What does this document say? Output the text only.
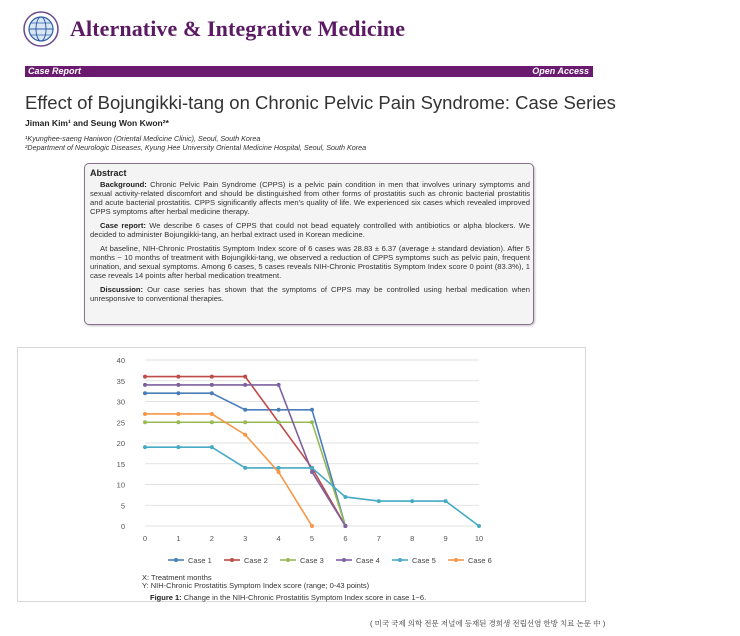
Alternative & Integrative Medicine
Case Report	Open Access
Effect of Bojungikki-tang on Chronic Pelvic Pain Syndrome: Case Series
Jiman Kim¹ and Seung Won Kwon²*
¹Kyunghee-saeng Haniwon (Oriental Medicine Clinic), Seoul, South Korea
²Department of Neurologic Diseases, Kyung Hee University Oriental Medicine Hospital, Seoul, South Korea
Abstract

Background: Chronic Pelvic Pain Syndrome (CPPS) is a pelvic pain condition in men that involves urinary symptoms and sexual activity-related discomfort and should be distinguished from other forms of prostatitis such as chronic bacterial prostatitis and acute bacterial prostatitis. CPPS significantly affects men's quality of life. We experienced six cases which revealed improved CPPS symptoms after herbal medicine therapy.

Case report: We describe 6 cases of CPPS that could not bead equately controlled with antibiotics or alpha blockers. We decided to administer Bojungikki-tang, an herbal extract used in Korean medicine.

At baseline, NIH-Chronic Prostatitis Symptom Index score of 6 cases was 28.83 ± 6.37 (average ± standard deviation). After 5 months ~ 10 months of treatment with Bojungikki-tang, we observed a reduction of CPPS symptoms such as pelvic pain, frequent urination, and sexual symptoms. Among 6 cases, 5 cases reveals NIH-Chronic Prostatitis Symptom Index score 0 point (83.3%), 1 case reveals 14 points after herbal medication treatment.

Discussion: Our case series has shown that the symptoms of CPPS may be controlled using herbal medication when unresponsive to conventional therapies.

0
5
10
15
20
25
30
35
40
0	1	2	3	4	5	6	7	8	9	10
Case 1	Case 2	Case 3	Case 4	Case 5	Case 6
X: Treatment months
Y: NIH-Chronic Prostatitis Symptom Index score (range; 0-43 points)
Figure 1: Change in the NIH-Chronic Prostatitis Symptom Index score in case 1~6.
( 미국 국제 의학 전문 저널에 등재된 경희생 전립선염 한방 치료 논문 中 )
